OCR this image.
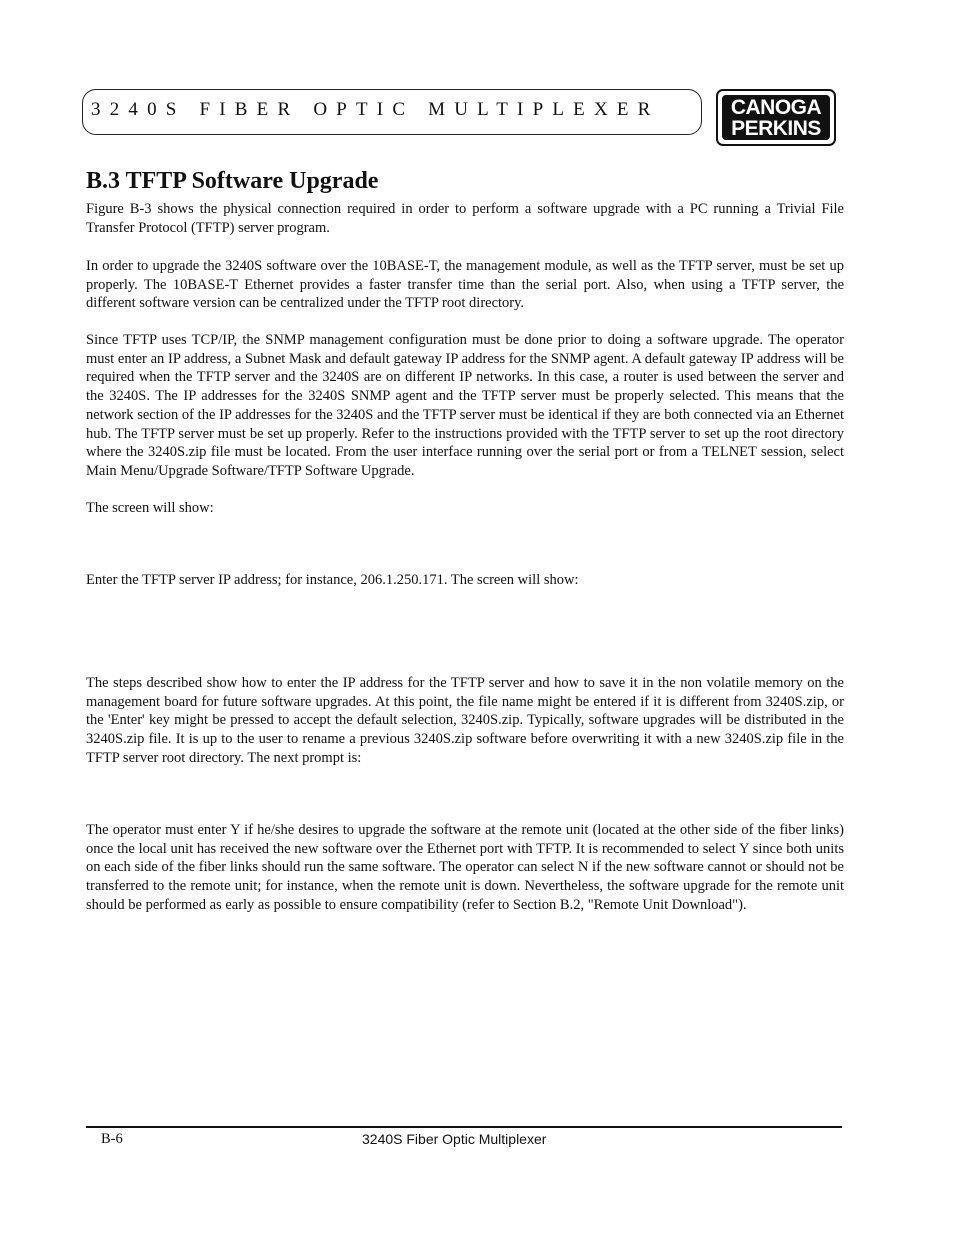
3240S FIBER OPTIC MULTIPLEXER	CANOGA
PERKINS
B.3 TFTP Software Upgrade

Figure B-3 shows the physical connection required in order to perform a software upgrade with a PC running a Trivial File Transfer Protocol (TFTP) server program.

In order to upgrade the 3240S software over the 10BASE-T, the management module, as well as the TFTP server, must be set up properly. The 10BASE-T Ethernet provides a faster transfer time than the serial port. Also, when using a TFTP server, the different software version can be centralized under the TFTP root directory.

Since TFTP uses TCP/IP, the SNMP management configuration must be done prior to doing a software upgrade. The operator must enter an IP address, a Subnet Mask and default gateway IP address for the SNMP agent. A default gateway IP address will be required when the TFTP server and the 3240S are on different IP networks. In this case, a router is used between the server and the 3240S. The IP addresses for the 3240S SNMP agent and the TFTP server must be properly selected. This means that the network section of the IP addresses for the 3240S and the TFTP server must be identical if they are both connected via an Ethernet hub. The TFTP server must be set up properly. Refer to the instructions provided with the TFTP server to set up the root directory where the 3240S.zip file must be located. From the user interface running over the serial port or from a TELNET session, select Main Menu/Upgrade Software/TFTP Software Upgrade.

The screen will show:

Enter the TFTP server IP address; for instance, 206.1.250.171. The screen will show:

The steps described show how to enter the IP address for the TFTP server and how to save it in the non volatile memory on the management board for future software upgrades. At this point, the file name might be entered if it is different from 3240S.zip, or the 'Enter' key might be pressed to accept the default selection, 3240S.zip. Typically, software upgrades will be distributed in the 3240S.zip file. It is up to the user to rename a previous 3240S.zip software before overwriting it with a new 3240S.zip file in the TFTP server root directory. The next prompt is:

The operator must enter Y if he/she desires to upgrade the software at the remote unit (located at the other side of the fiber links) once the local unit has received the new software over the Ethernet port with TFTP. It is recommended to select Y since both units on each side of the fiber links should run the same software. The operator can select N if the new software cannot or should not be transferred to the remote unit; for instance, when the remote unit is down. Nevertheless, the software upgrade for the remote unit should be performed as early as possible to ensure compatibility (refer to Section B.2, "Remote Unit Download").

B-6	3240S Fiber Optic Multiplexer
